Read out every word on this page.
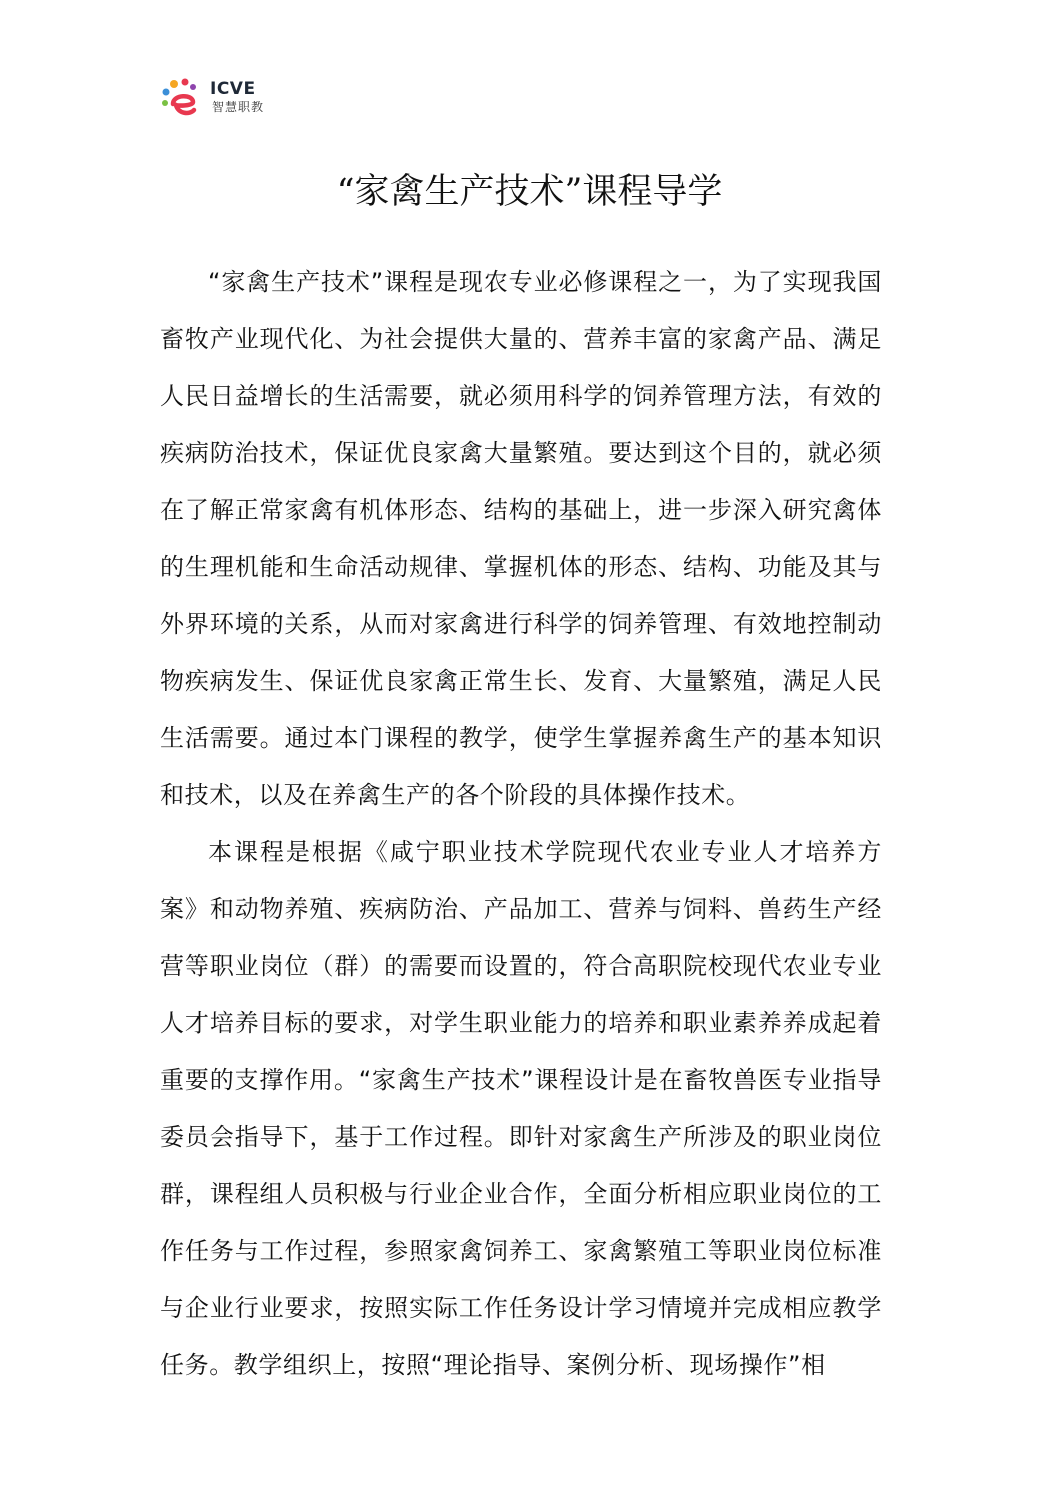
ICVE
智慧职教
“家禽生产技术”课程导学

“家禽生产技术”课程是现农专业必修课程之一，为了实现我国畜牧产业现代化、为社会提供大量的、营养丰富的家禽产品、满足人民日益增长的生活需要，就必须用科学的饲养管理方法，有效的疾病防治技术，保证优良家禽大量繁殖。要达到这个目的，就必须在了解正常家禽有机体形态、结构的基础上，进一步深入研究禽体的生理机能和生命活动规律、掌握机体的形态、结构、功能及其与外界环境的关系，从而对家禽进行科学的饲养管理、有效地控制动物疾病发生、保证优良家禽正常生长、发育、大量繁殖，满足人民生活需要。通过本门课程的教学，使学生掌握养禽生产的基本知识和技术，以及在养禽生产的各个阶段的具体操作技术。

本课程是根据《咸宁职业技术学院现代农业专业人才培养方案》和动物养殖、疾病防治、产品加工、营养与饲料、兽药生产经营等职业岗位（群）的需要而设置的，符合高职院校现代农业专业人才培养目标的要求，对学生职业能力的培养和职业素养养成起着重要的支撑作用。“家禽生产技术”课程设计是在畜牧兽医专业指导委员会指导下，基于工作过程。即针对家禽生产所涉及的职业岗位群，课程组人员积极与行业企业合作，全面分析相应职业岗位的工作任务与工作过程，参照家禽饲养工、家禽繁殖工等职业岗位标准与企业行业要求，按照实际工作任务设计学习情境并完成相应教学任务。教学组织上，按照“理论指导、案例分析、现场操作”相
